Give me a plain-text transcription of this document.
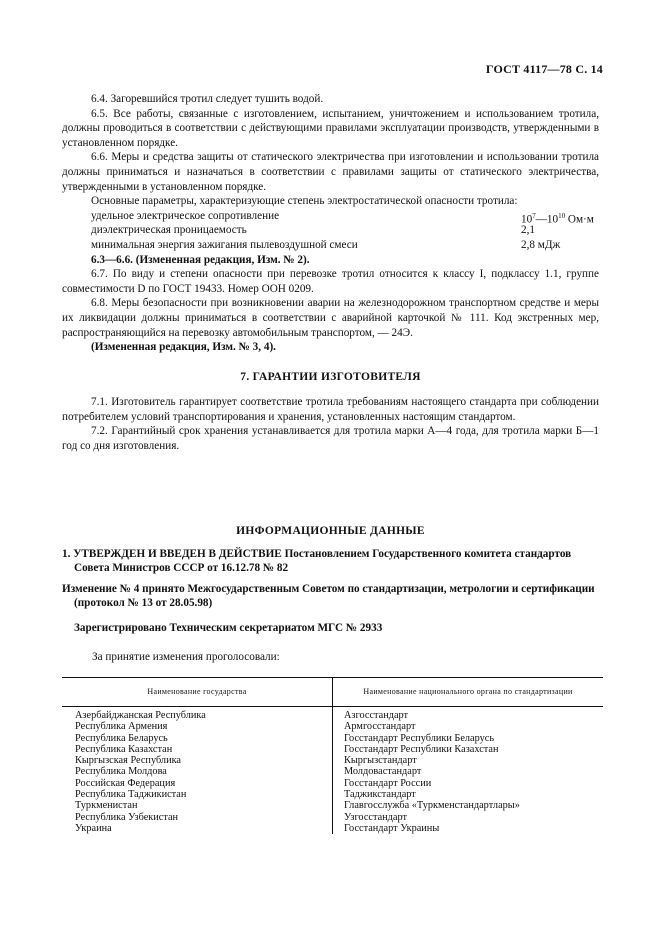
ГОСТ 4117—78 С. 14

6.4. Загоревшийся тротил следует тушить водой.

6.5. Все работы, связанные с изготовлением, испытанием, уничтожением и использованием тротила, должны проводиться в соответствии с действующими правилами эксплуатации производств, утвержденными в установленном порядке.

6.6. Меры и средства защиты от статического электричества при изготовлении и использовании тротила должны приниматься и назначаться в соответствии с правилами защиты от статического электричества, утвержденными в установленном порядке.

Основные параметры, характеризующие степень электростатической опасности тротила:

удельное электрическое сопротивление	$10^7—10^{10}$ Ом·м
диэлектрическая проницаемость	2,1
минимальная энергия зажигания пылевоздушной смеси	2,8 мДж

6.3—6.6. (Измененная редакция, Изм. № 2).

6.7. По виду и степени опасности при перевозке тротил относится к классу I, подклассу 1.1, группе совместимости D по ГОСТ 19433. Номер ООН 0209.

6.8. Меры безопасности при возникновении аварии на железнодорожном транспортном средстве и меры их ликвидации должны приниматься в соответствии с аварийной карточкой № 111. Код экстренных мер, распространяющийся на перевозку автомобильным транспортом, — 24Э.

(Измененная редакция, Изм. № 3, 4).

7. ГАРАНТИИ ИЗГОТОВИТЕЛЯ

7.1. Изготовитель гарантирует соответствие тротила требованиям настоящего стандарта при соблюдении потребителем условий транспортирования и хранения, установленных настоящим стандартом.

7.2. Гарантийный срок хранения устанавливается для тротила марки А—4 года, для тротила марки Б—1 год со дня изготовления.

ИНФОРМАЦИОННЫЕ ДАННЫЕ
1. УТВЕРЖДЕН И ВВЕДЕН В ДЕЙСТВИЕ Постановлением Государственного комитета стандартов Совета Министров СССР от 16.12.78 № 82
Изменение № 4 принято Межгосударственным Советом по стандартизации, метрологии и сертификации (протокол № 13 от 28.05.98)
Зарегистрировано Техническим секретариатом МГС № 2933
За принятие изменения проголосовали:
Наименование государства	Наименование национального органа по стандартизации
Азербайджанская Республика	Азгосстандарт
Республика Армения	Армгосстандарт
Республика Беларусь	Госстандарт Республики Беларусь
Республика Казахстан	Госстандарт Республики Казахстан
Кыргызская Республика	Кыргызстандарт
Республика Молдова	Молдовастандарт
Российская Федерация	Госстандарт России
Республика Таджикистан	Таджикстандарт
Туркменистан	Главгосслужба «Туркменстандартлары»
Республика Узбекистан	Узгосстандарт
Украина	Госстандарт Украины
